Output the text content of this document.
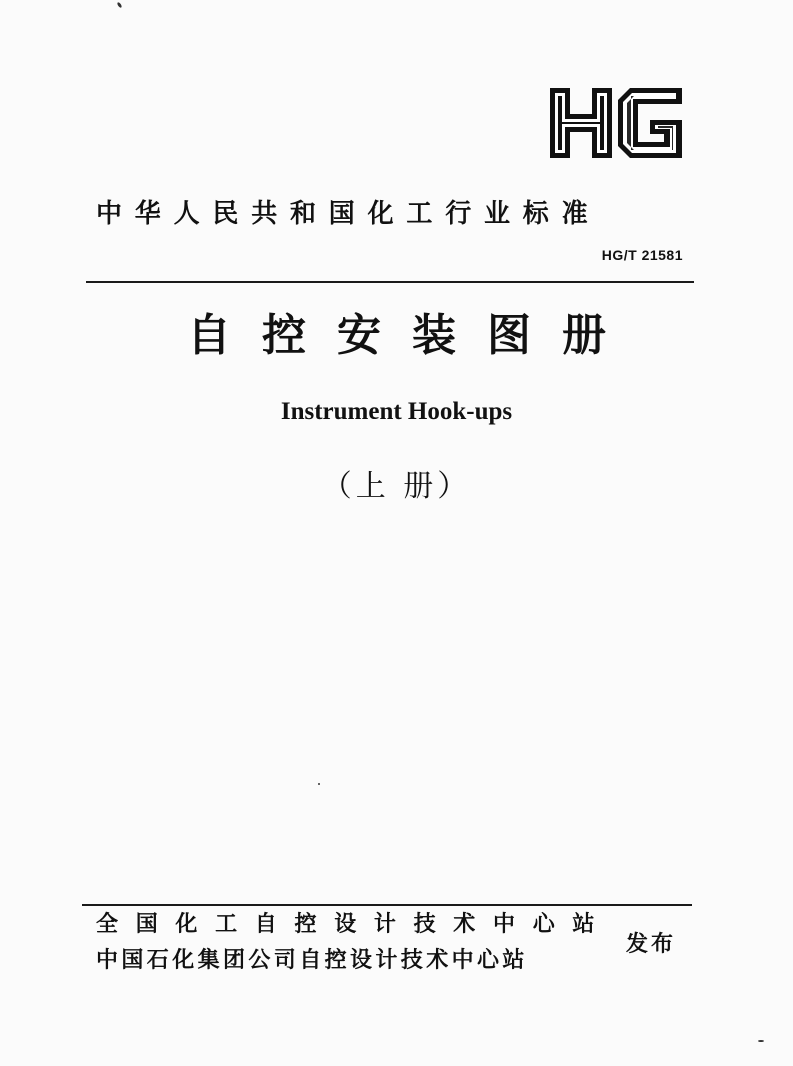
HG
中华人民共和国化工行业标准
HG/T 21581
自控安装图册
Instrument Hook-ups
（上 册）
全国化工自控设计技术中心站
中国石化集团公司自控设计技术中心站
发布
